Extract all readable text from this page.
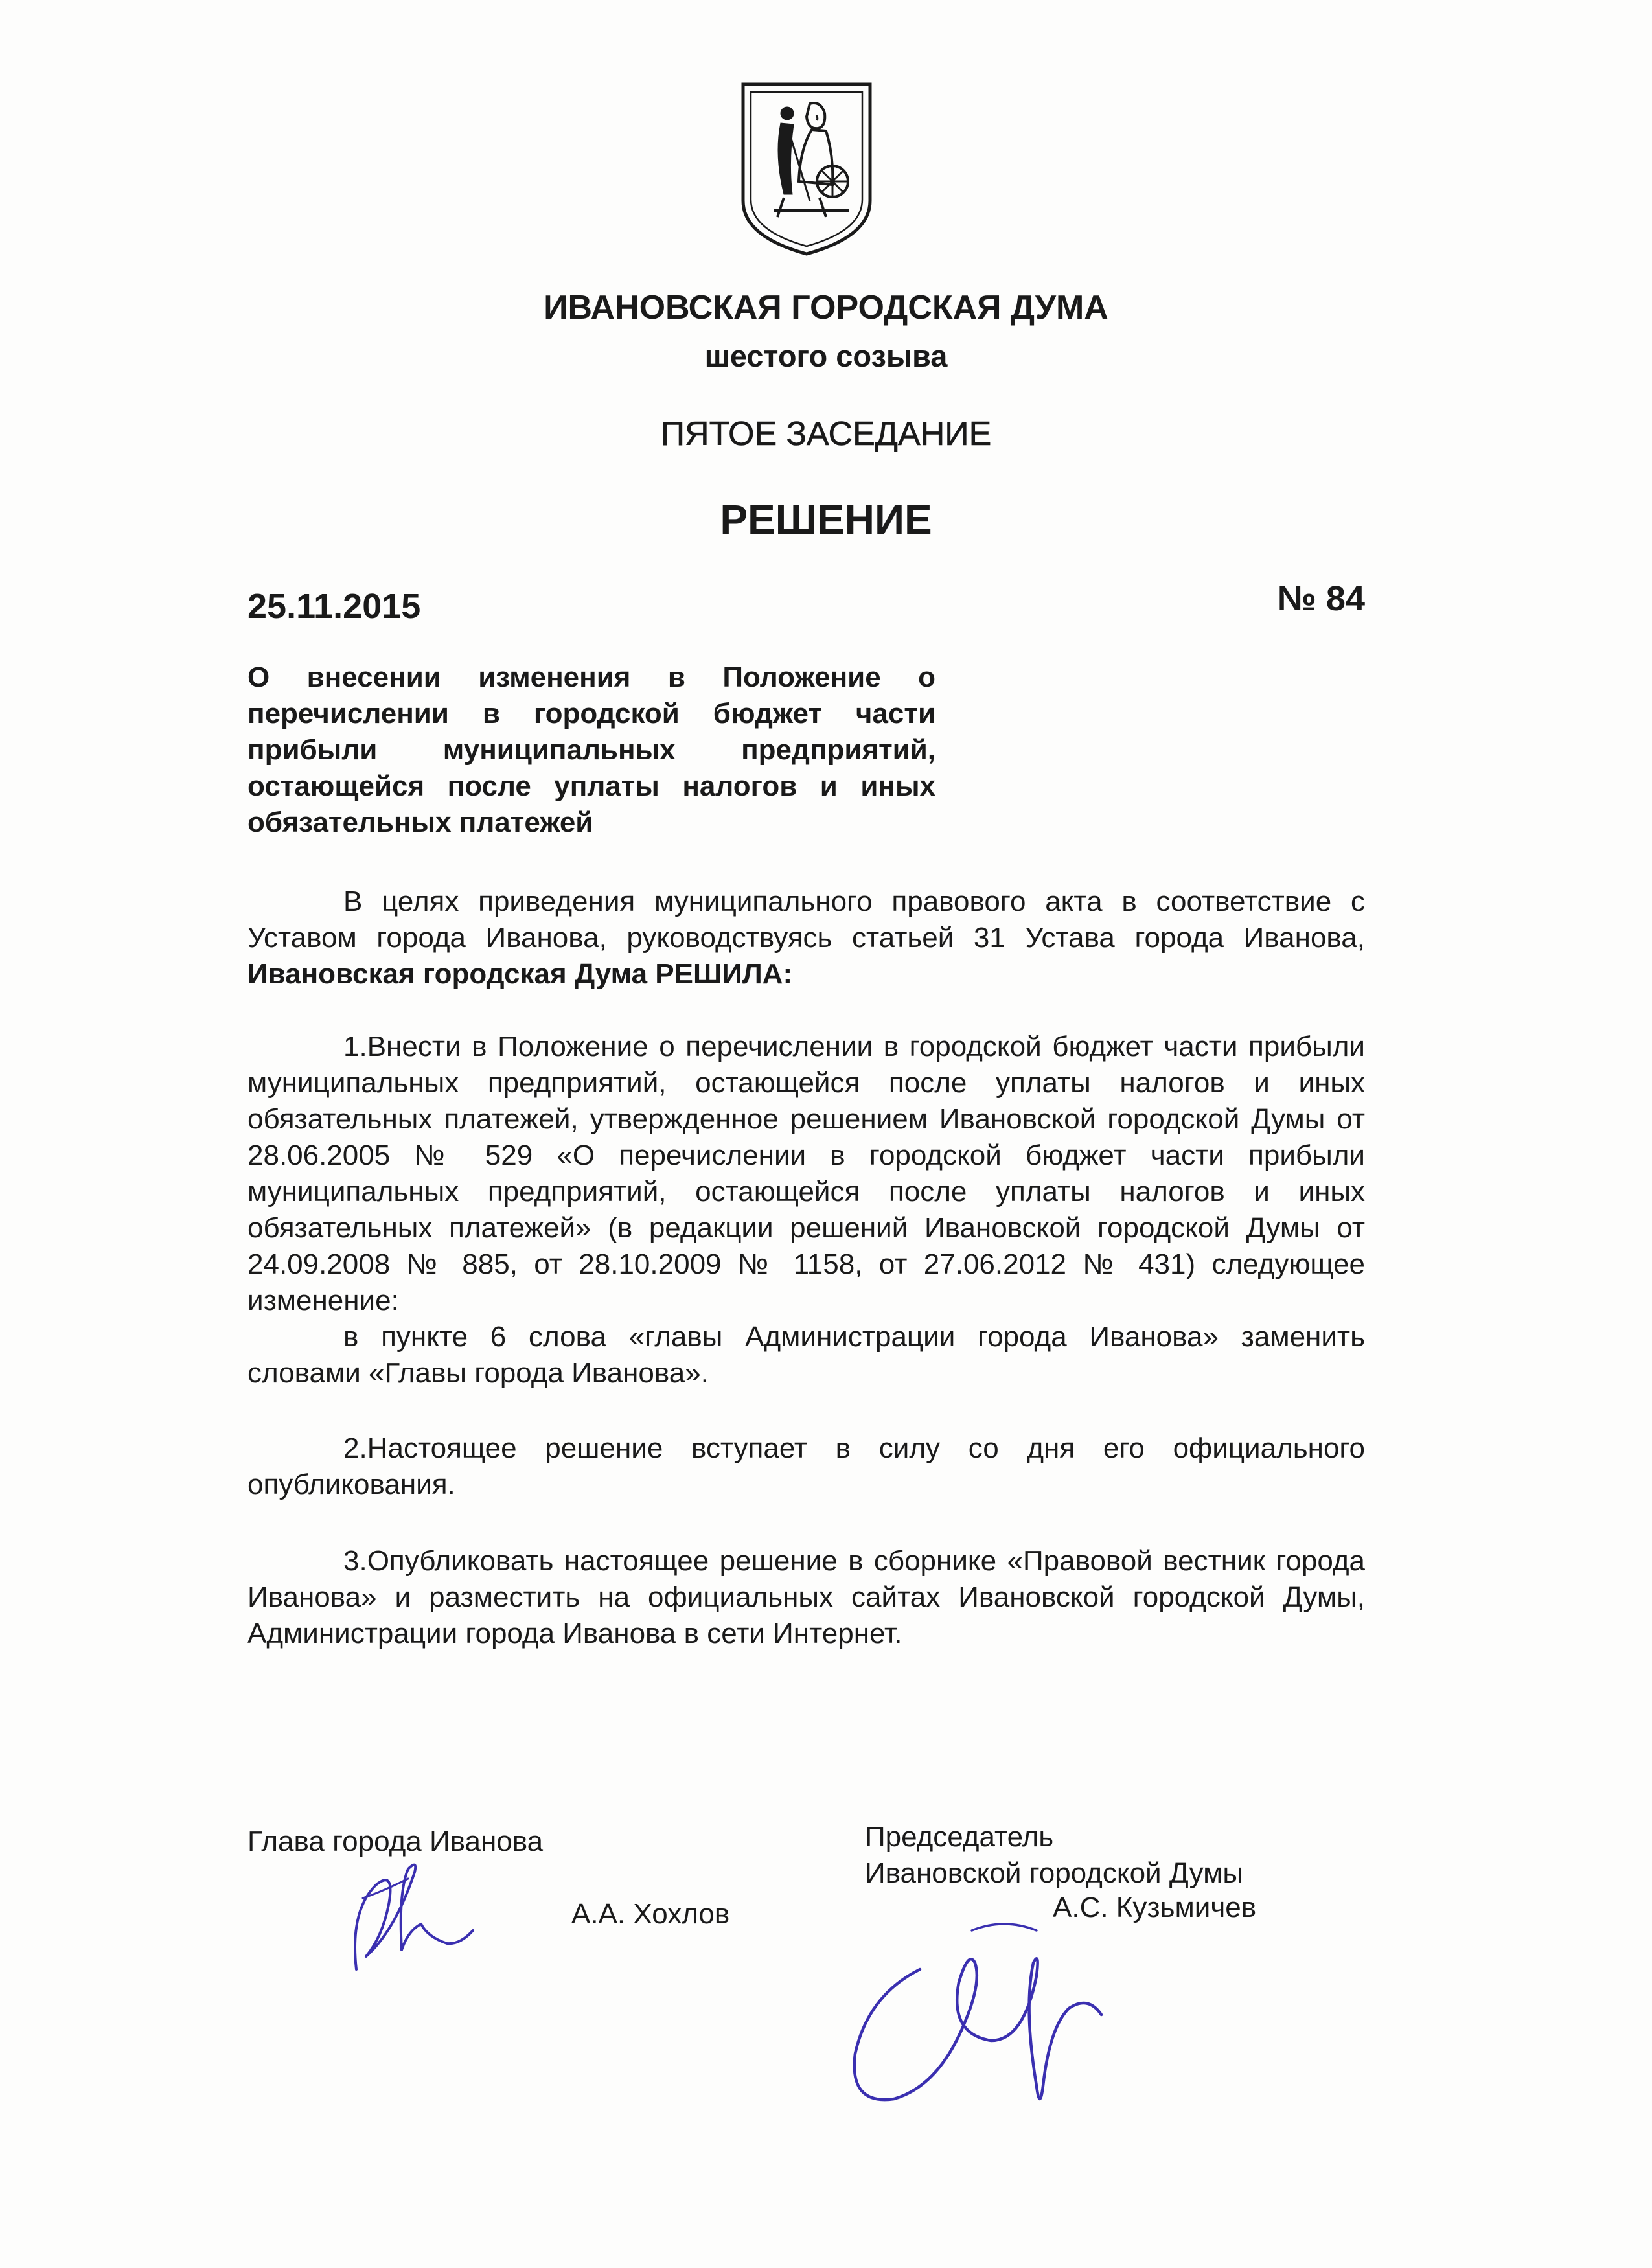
ИВАНОВСКАЯ ГОРОДСКАЯ ДУМА
шестого созыва
ПЯТОЕ ЗАСЕДАНИЕ
РЕШЕНИЕ

25.11.2015	№ 84

О внесении изменения в Положение о перечислении в городской бюджет части прибыли муниципальных предприятий, остающейся после уплаты налогов и иных обязательных платежей

В целях приведения муниципального правового акта в соответствие с Уставом города Иванова, руководствуясь статьей 31 Устава города Иванова, Ивановская городская Дума РЕШИЛА:

1.Внести в Положение о перечислении в городской бюджет части прибыли муниципальных предприятий, остающейся после уплаты налогов и иных обязательных платежей, утвержденное решением Ивановской городской Думы от 28.06.2005 № 529 «О перечислении в городской бюджет части прибыли муниципальных предприятий, остающейся после уплаты налогов и иных обязательных платежей» (в редакции решений Ивановской городской Думы от 24.09.2008 № 885, от 28.10.2009 № 1158, от 27.06.2012 № 431) следующее изменение:

в пункте 6 слова «главы Администрации города Иванова» заменить словами «Главы города Иванова».

2.Настоящее решение вступает в силу со дня его официального опубликования.

3.Опубликовать настоящее решение в сборнике «Правовой вестник города Иванова» и разместить на официальных сайтах Ивановской городской Думы, Администрации города Иванова в сети Интернет.

Глава города Иванова

А.А. Хохлов

Председатель
Ивановской городской Думы

А.С. Кузьмичев
